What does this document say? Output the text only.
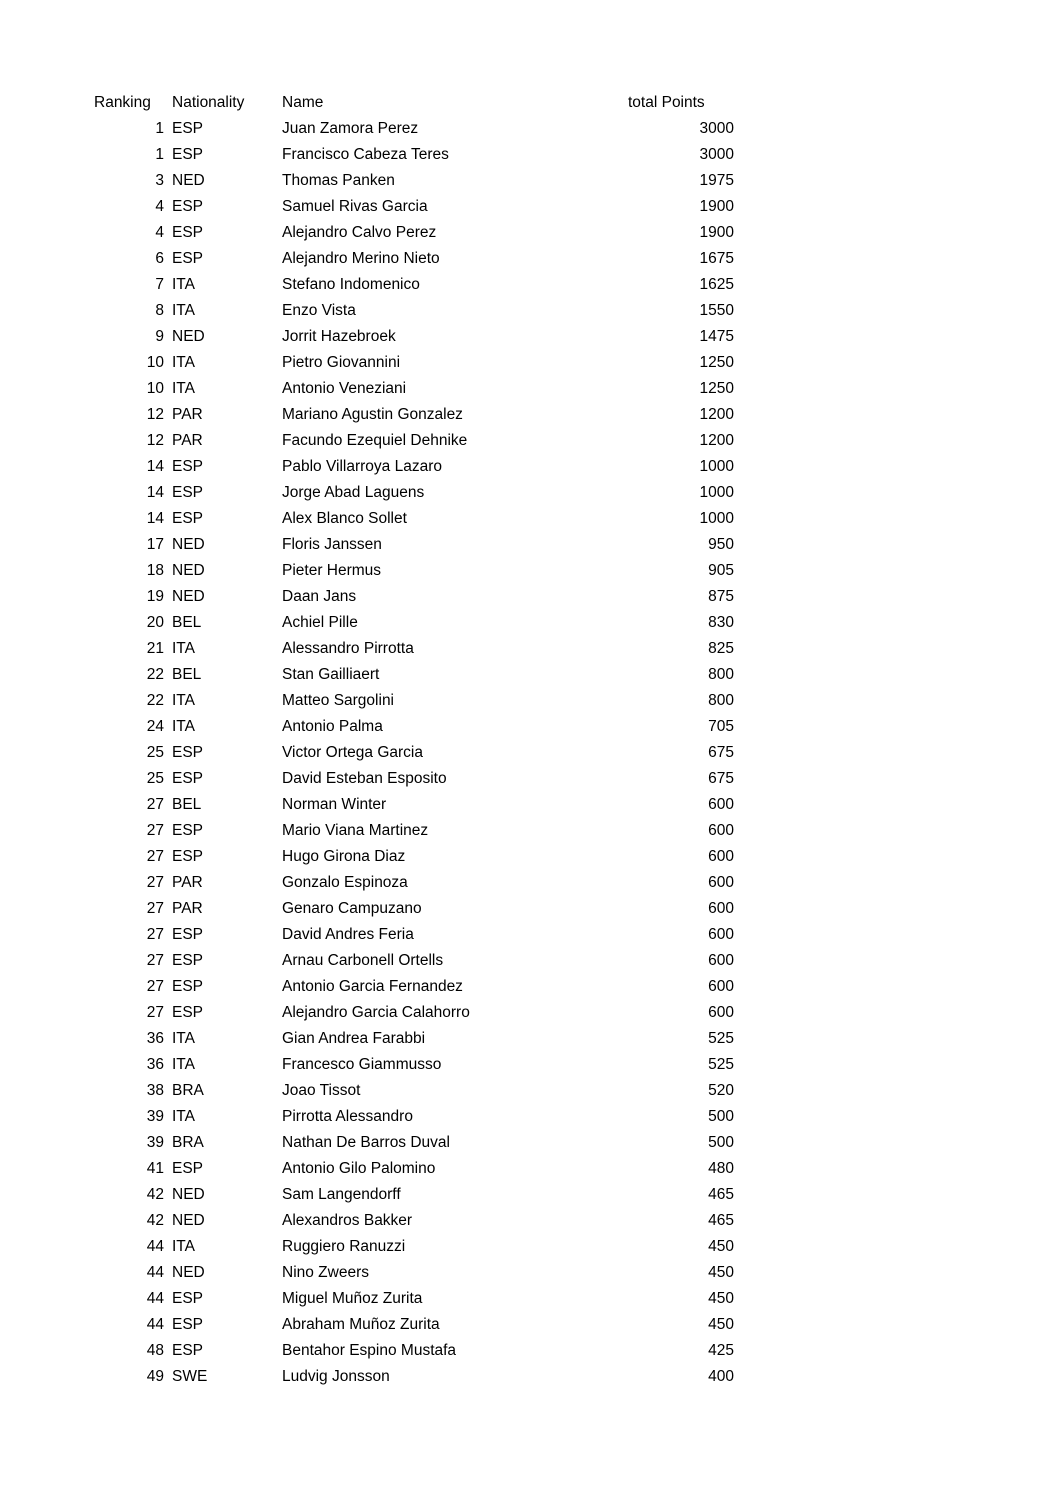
Ranking	Nationality	Name	total Points
1 ESP	Juan Zamora Perez	3000
1 ESP	Francisco Cabeza Teres	3000
3 NED	Thomas Panken	1975
4 ESP	Samuel Rivas Garcia	1900
4 ESP	Alejandro Calvo Perez	1900
6 ESP	Alejandro Merino Nieto	1675
7 ITA	Stefano Indomenico	1625
8 ITA	Enzo Vista	1550
9 NED	Jorrit Hazebroek	1475
10 ITA	Pietro Giovannini	1250
10 ITA	Antonio Veneziani	1250
12 PAR	Mariano Agustin Gonzalez	1200
12 PAR	Facundo Ezequiel Dehnike	1200
14 ESP	Pablo Villarroya Lazaro	1000
14 ESP	Jorge Abad Laguens	1000
14 ESP	Alex Blanco Sollet	1000
17 NED	Floris Janssen	950
18 NED	Pieter Hermus	905
19 NED	Daan Jans	875
20 BEL	Achiel Pille	830
21 ITA	Alessandro Pirrotta	825
22 BEL	Stan Gailliaert	800
22 ITA	Matteo Sargolini	800
24 ITA	Antonio Palma	705
25 ESP	Victor Ortega Garcia	675
25 ESP	David Esteban Esposito	675
27 BEL	Norman Winter	600
27 ESP	Mario Viana Martinez	600
27 ESP	Hugo Girona Diaz	600
27 PAR	Gonzalo Espinoza	600
27 PAR	Genaro Campuzano	600
27 ESP	David Andres Feria	600
27 ESP	Arnau Carbonell Ortells	600
27 ESP	Antonio Garcia Fernandez	600
27 ESP	Alejandro Garcia Calahorro	600
36 ITA	Gian Andrea Farabbi	525
36 ITA	Francesco Giammusso	525
38 BRA	Joao Tissot	520
39 ITA	Pirrotta Alessandro	500
39 BRA	Nathan De Barros Duval	500
41 ESP	Antonio Gilo Palomino	480
42 NED	Sam Langendorff	465
42 NED	Alexandros Bakker	465
44 ITA	Ruggiero Ranuzzi	450
44 NED	Nino Zweers	450
44 ESP	Miguel Muñoz Zurita	450
44 ESP	Abraham Muñoz Zurita	450
48 ESP	Bentahor Espino Mustafa	425
49 SWE	Ludvig Jonsson	400
